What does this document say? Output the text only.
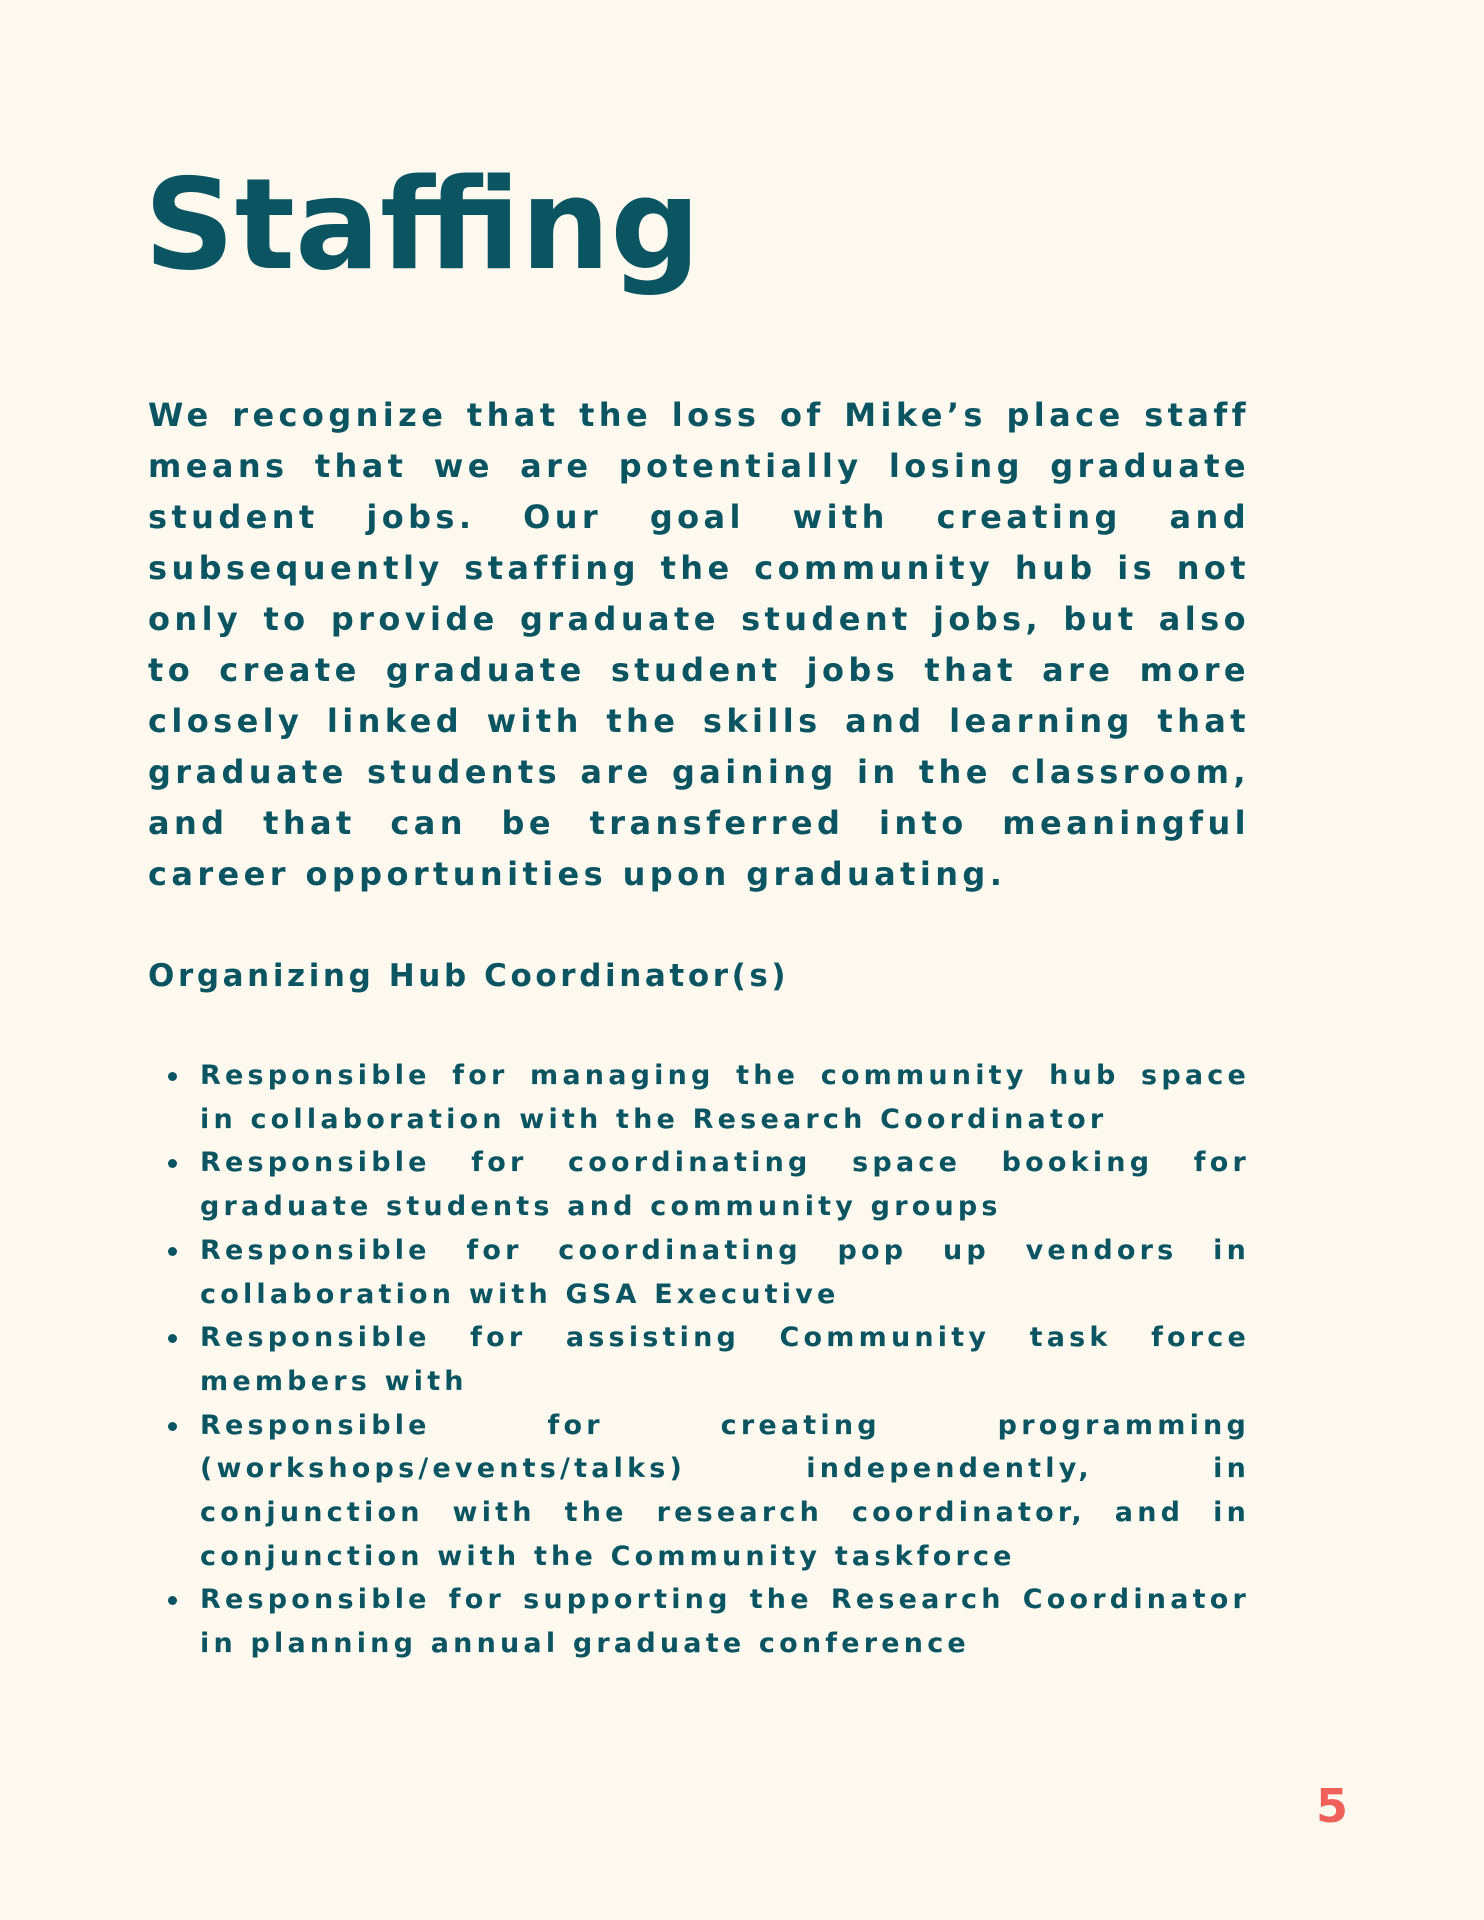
Staffing

We recognize that the loss of Mike’s place staff means that we are potentially losing graduate student jobs. Our goal with creating and subsequently staffing the community hub is not only to provide graduate student jobs, but also to create graduate student jobs that are more closely linked with the skills and learning that graduate students are gaining in the classroom, and that can be transferred into meaningful career opportunities upon graduating.

Organizing Hub Coordinator(s)
Responsible for managing the community hub space in collaboration with the Research Coordinator
Responsible for coordinating space booking for graduate students and community groups
Responsible for coordinating pop up vendors in collaboration with GSA Executive
Responsible for assisting Community task force members with
Responsible for creating programming (workshops/events/talks) independently, in conjunction with the research coordinator, and in conjunction with the Community taskforce
Responsible for supporting the Research Coordinator in planning annual graduate conference
5
